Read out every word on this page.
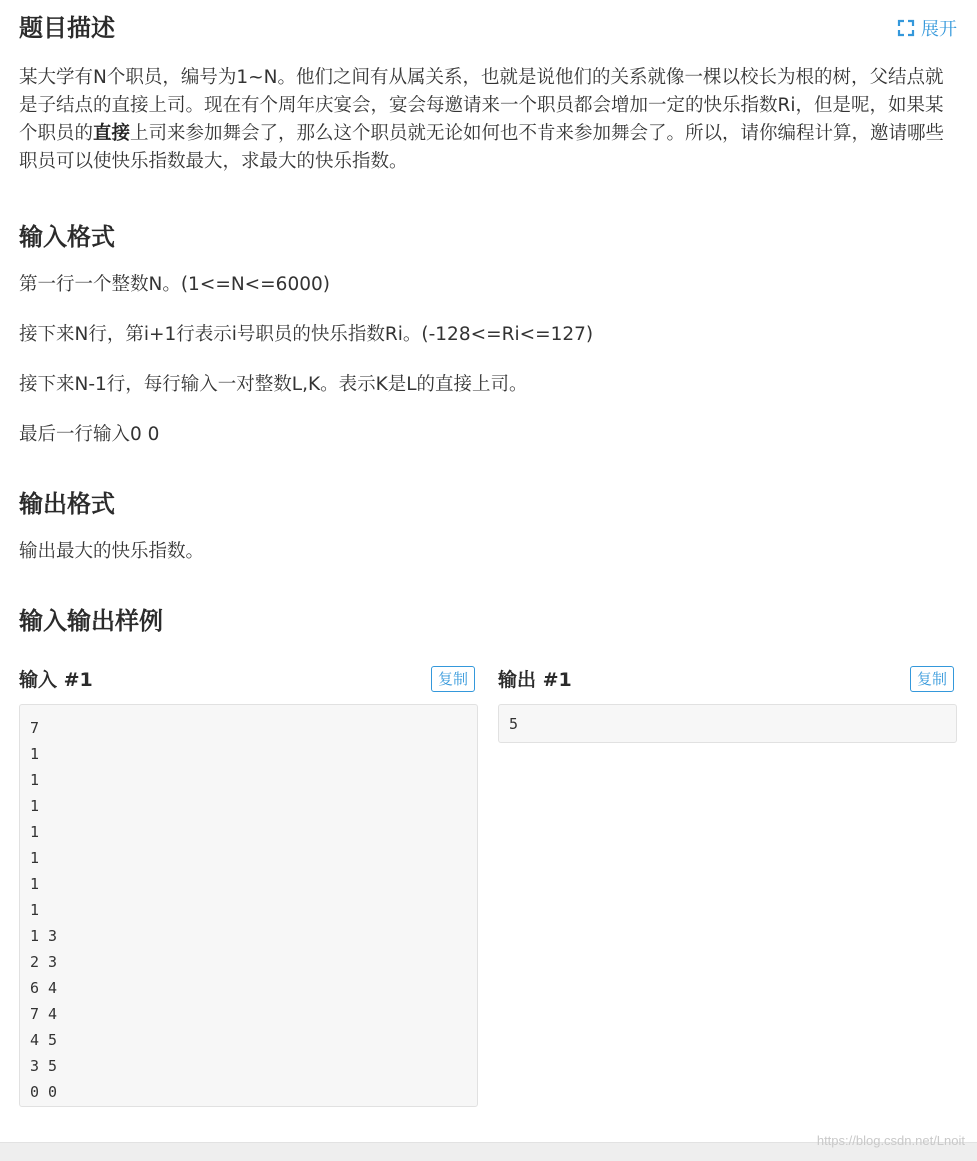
题目描述	展开
某大学有N个职员，编号为1~N。他们之间有从属关系，也就是说他们的关系就像一棵以校长为根的树，父结点就是子结点的直接上司。现在有个周年庆宴会，宴会每邀请来一个职员都会增加一定的快乐指数Ri，但是呢，如果某个职员的直接上司来参加舞会了，那么这个职员就无论如何也不肯来参加舞会了。所以，请你编程计算，邀请哪些职员可以使快乐指数最大，求最大的快乐指数。
输入格式
第一行一个整数N。(1<=N<=6000)
接下来N行，第i+1行表示i号职员的快乐指数Ri。(-128<=Ri<=127)
接下来N-1行，每行输入一对整数L,K。表示K是L的直接上司。
最后一行输入0 0
输出格式
输出最大的快乐指数。
输入输出样例
输入 #1	复制	输出 #1	复制
7
1
1
1
1
1
1
1
1 3
2 3
6 4
7 4
4 5
3 5
0 0
5
https://blog.csdn.net/Lnoit
